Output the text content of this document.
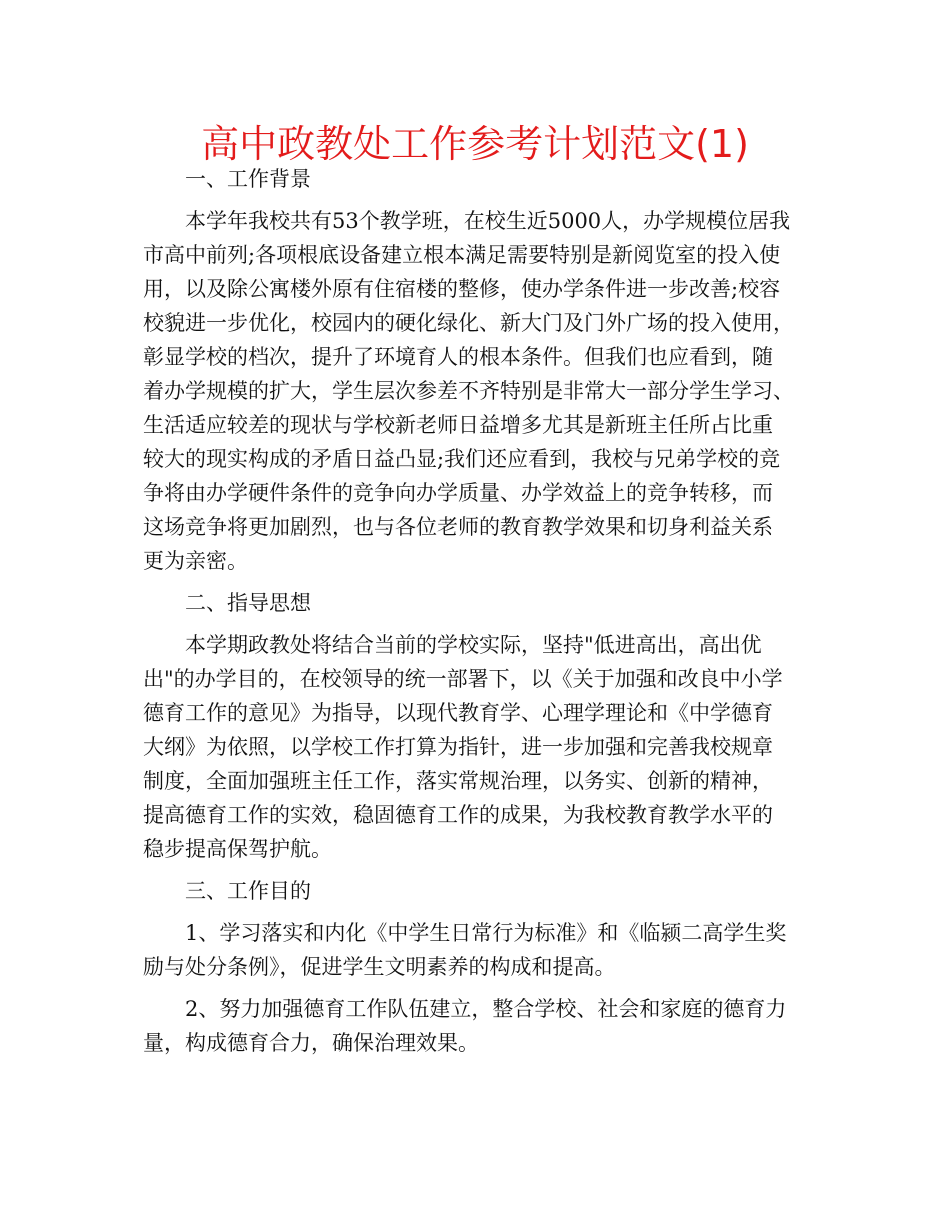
高中政教处工作参考计划范文(1)
一、工作背景
本学年我校共有53个教学班，在校生近5000人，办学规模位居我
市高中前列;各项根底设备建立根本满足需要特别是新阅览室的投入使
用，以及除公寓楼外原有住宿楼的整修，使办学条件进一步改善;校容
校貌进一步优化，校园内的硬化绿化、新大门及门外广场的投入使用，
彰显学校的档次，提升了环境育人的根本条件。但我们也应看到，随
着办学规模的扩大，学生层次参差不齐特别是非常大一部分学生学习、
生活适应较差的现状与学校新老师日益增多尤其是新班主任所占比重
较大的现实构成的矛盾日益凸显;我们还应看到，我校与兄弟学校的竞
争将由办学硬件条件的竞争向办学质量、办学效益上的竞争转移，而
这场竞争将更加剧烈，也与各位老师的教育教学效果和切身利益关系
更为亲密。
二、指导思想
本学期政教处将结合当前的学校实际，坚持"低进高出，高出优
出"的办学目的，在校领导的统一部署下，以《关于加强和改良中小学
德育工作的意见》为指导，以现代教育学、心理学理论和《中学德育
大纲》为依照，以学校工作打算为指针，进一步加强和完善我校规章
制度，全面加强班主任工作，落实常规治理，以务实、创新的精神，
提高德育工作的实效，稳固德育工作的成果，为我校教育教学水平的
稳步提高保驾护航。
三、工作目的
1、学习落实和内化《中学生日常行为标准》和《临颍二高学生奖
励与处分条例》，促进学生文明素养的构成和提高。
2、努力加强德育工作队伍建立，整合学校、社会和家庭的德育力
量，构成德育合力，确保治理效果。
